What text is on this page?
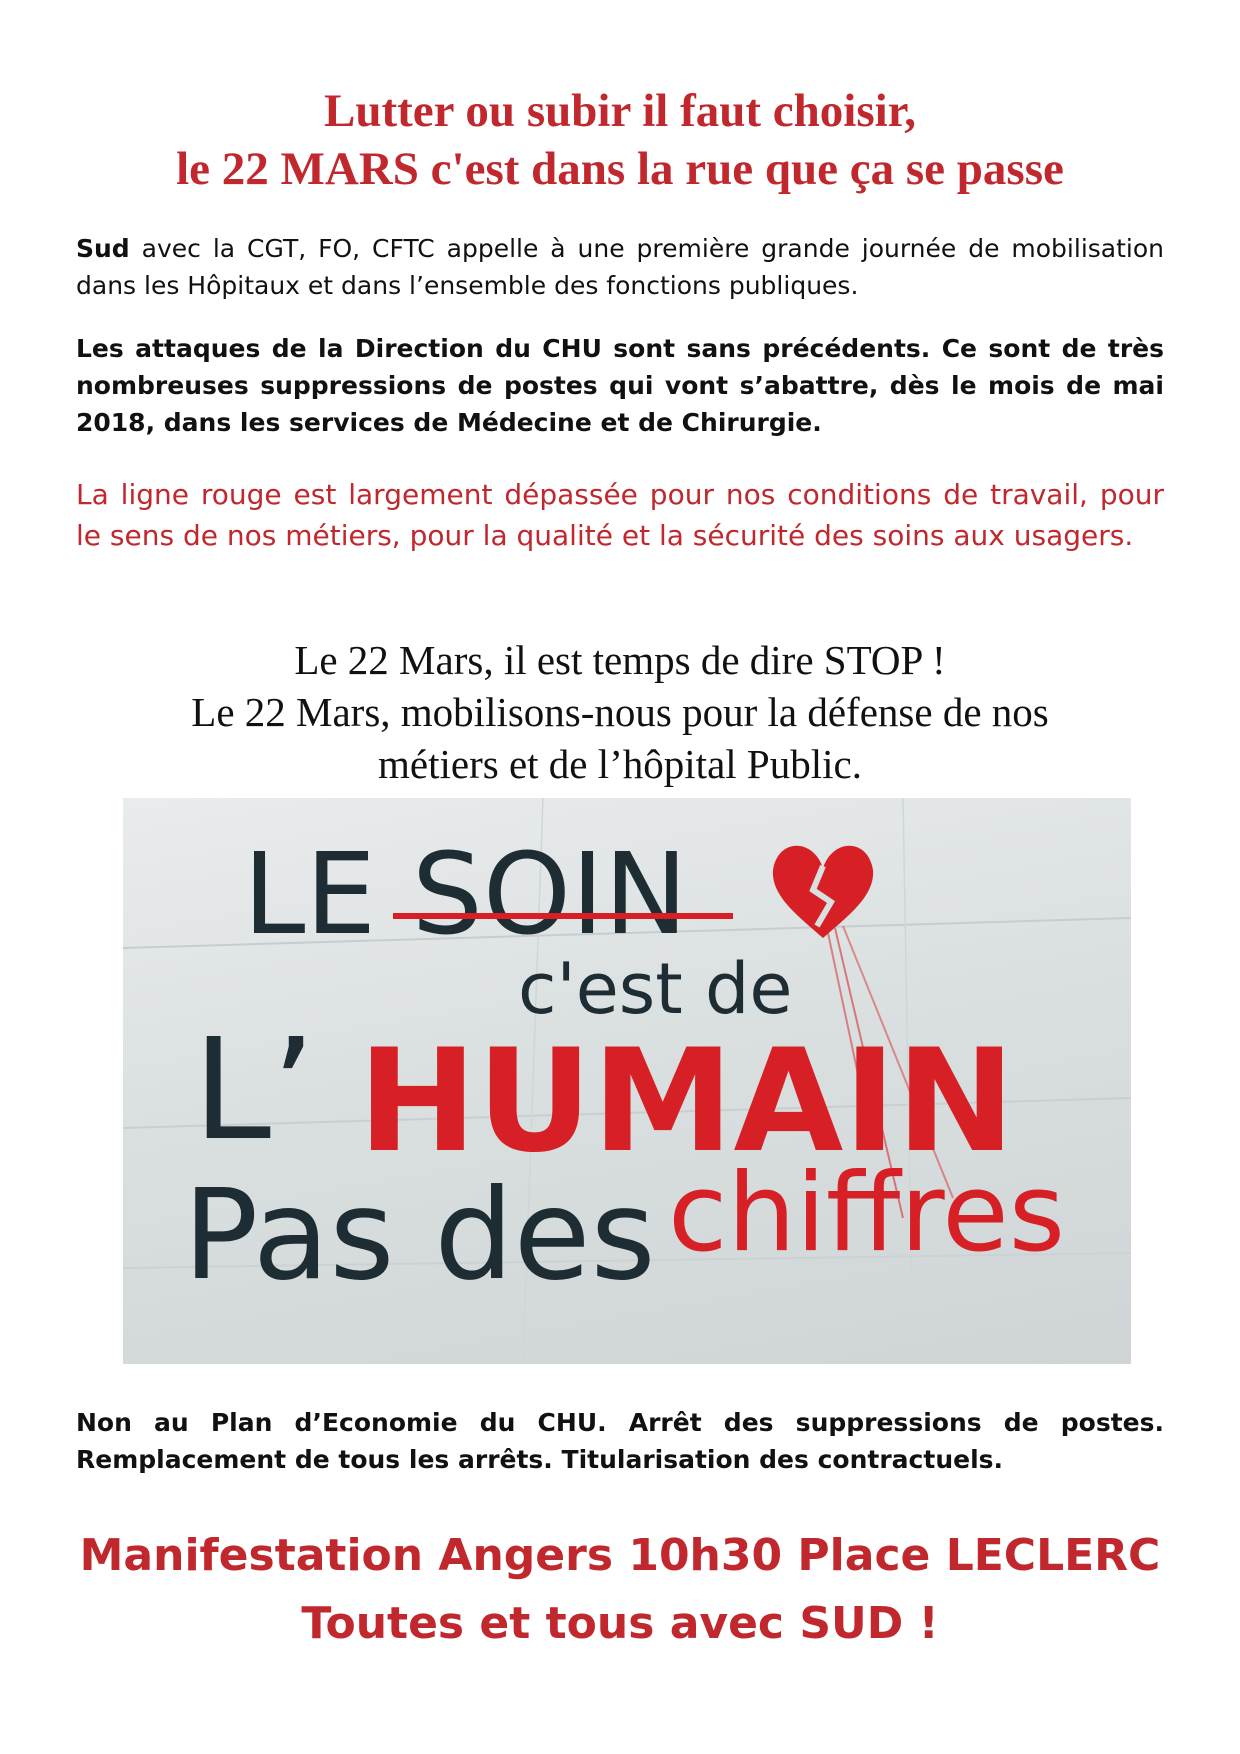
Lutter ou subir il faut choisir,
le 22 MARS c'est dans la rue que ça se passe
Sud avec la CGT, FO, CFTC appelle à une première grande journée de mobilisation dans les Hôpitaux et dans l’ensemble des fonctions publiques.
Les attaques de la Direction du CHU sont sans précédents. Ce sont de très nombreuses suppressions de postes qui vont s’abattre, dès le mois de mai 2018, dans les services de Médecine et de Chirurgie.
La ligne rouge est largement dépassée pour nos conditions de travail, pour le sens de nos métiers, pour la qualité et la sécurité des soins aux usagers.
Le 22 Mars, il est temps de dire STOP !
Le 22 Mars, mobilisons-nous pour la défense de nos
métiers et de l’hôpital Public.
LE SOIN
c'est de
L’ HUMAIN
Pas des chiffres
Non au Plan d’Economie du CHU. Arrêt des suppressions de postes. Remplacement de tous les arrêts. Titularisation des contractuels.
Manifestation Angers 10h30 Place LECLERC
Toutes et tous avec SUD !
